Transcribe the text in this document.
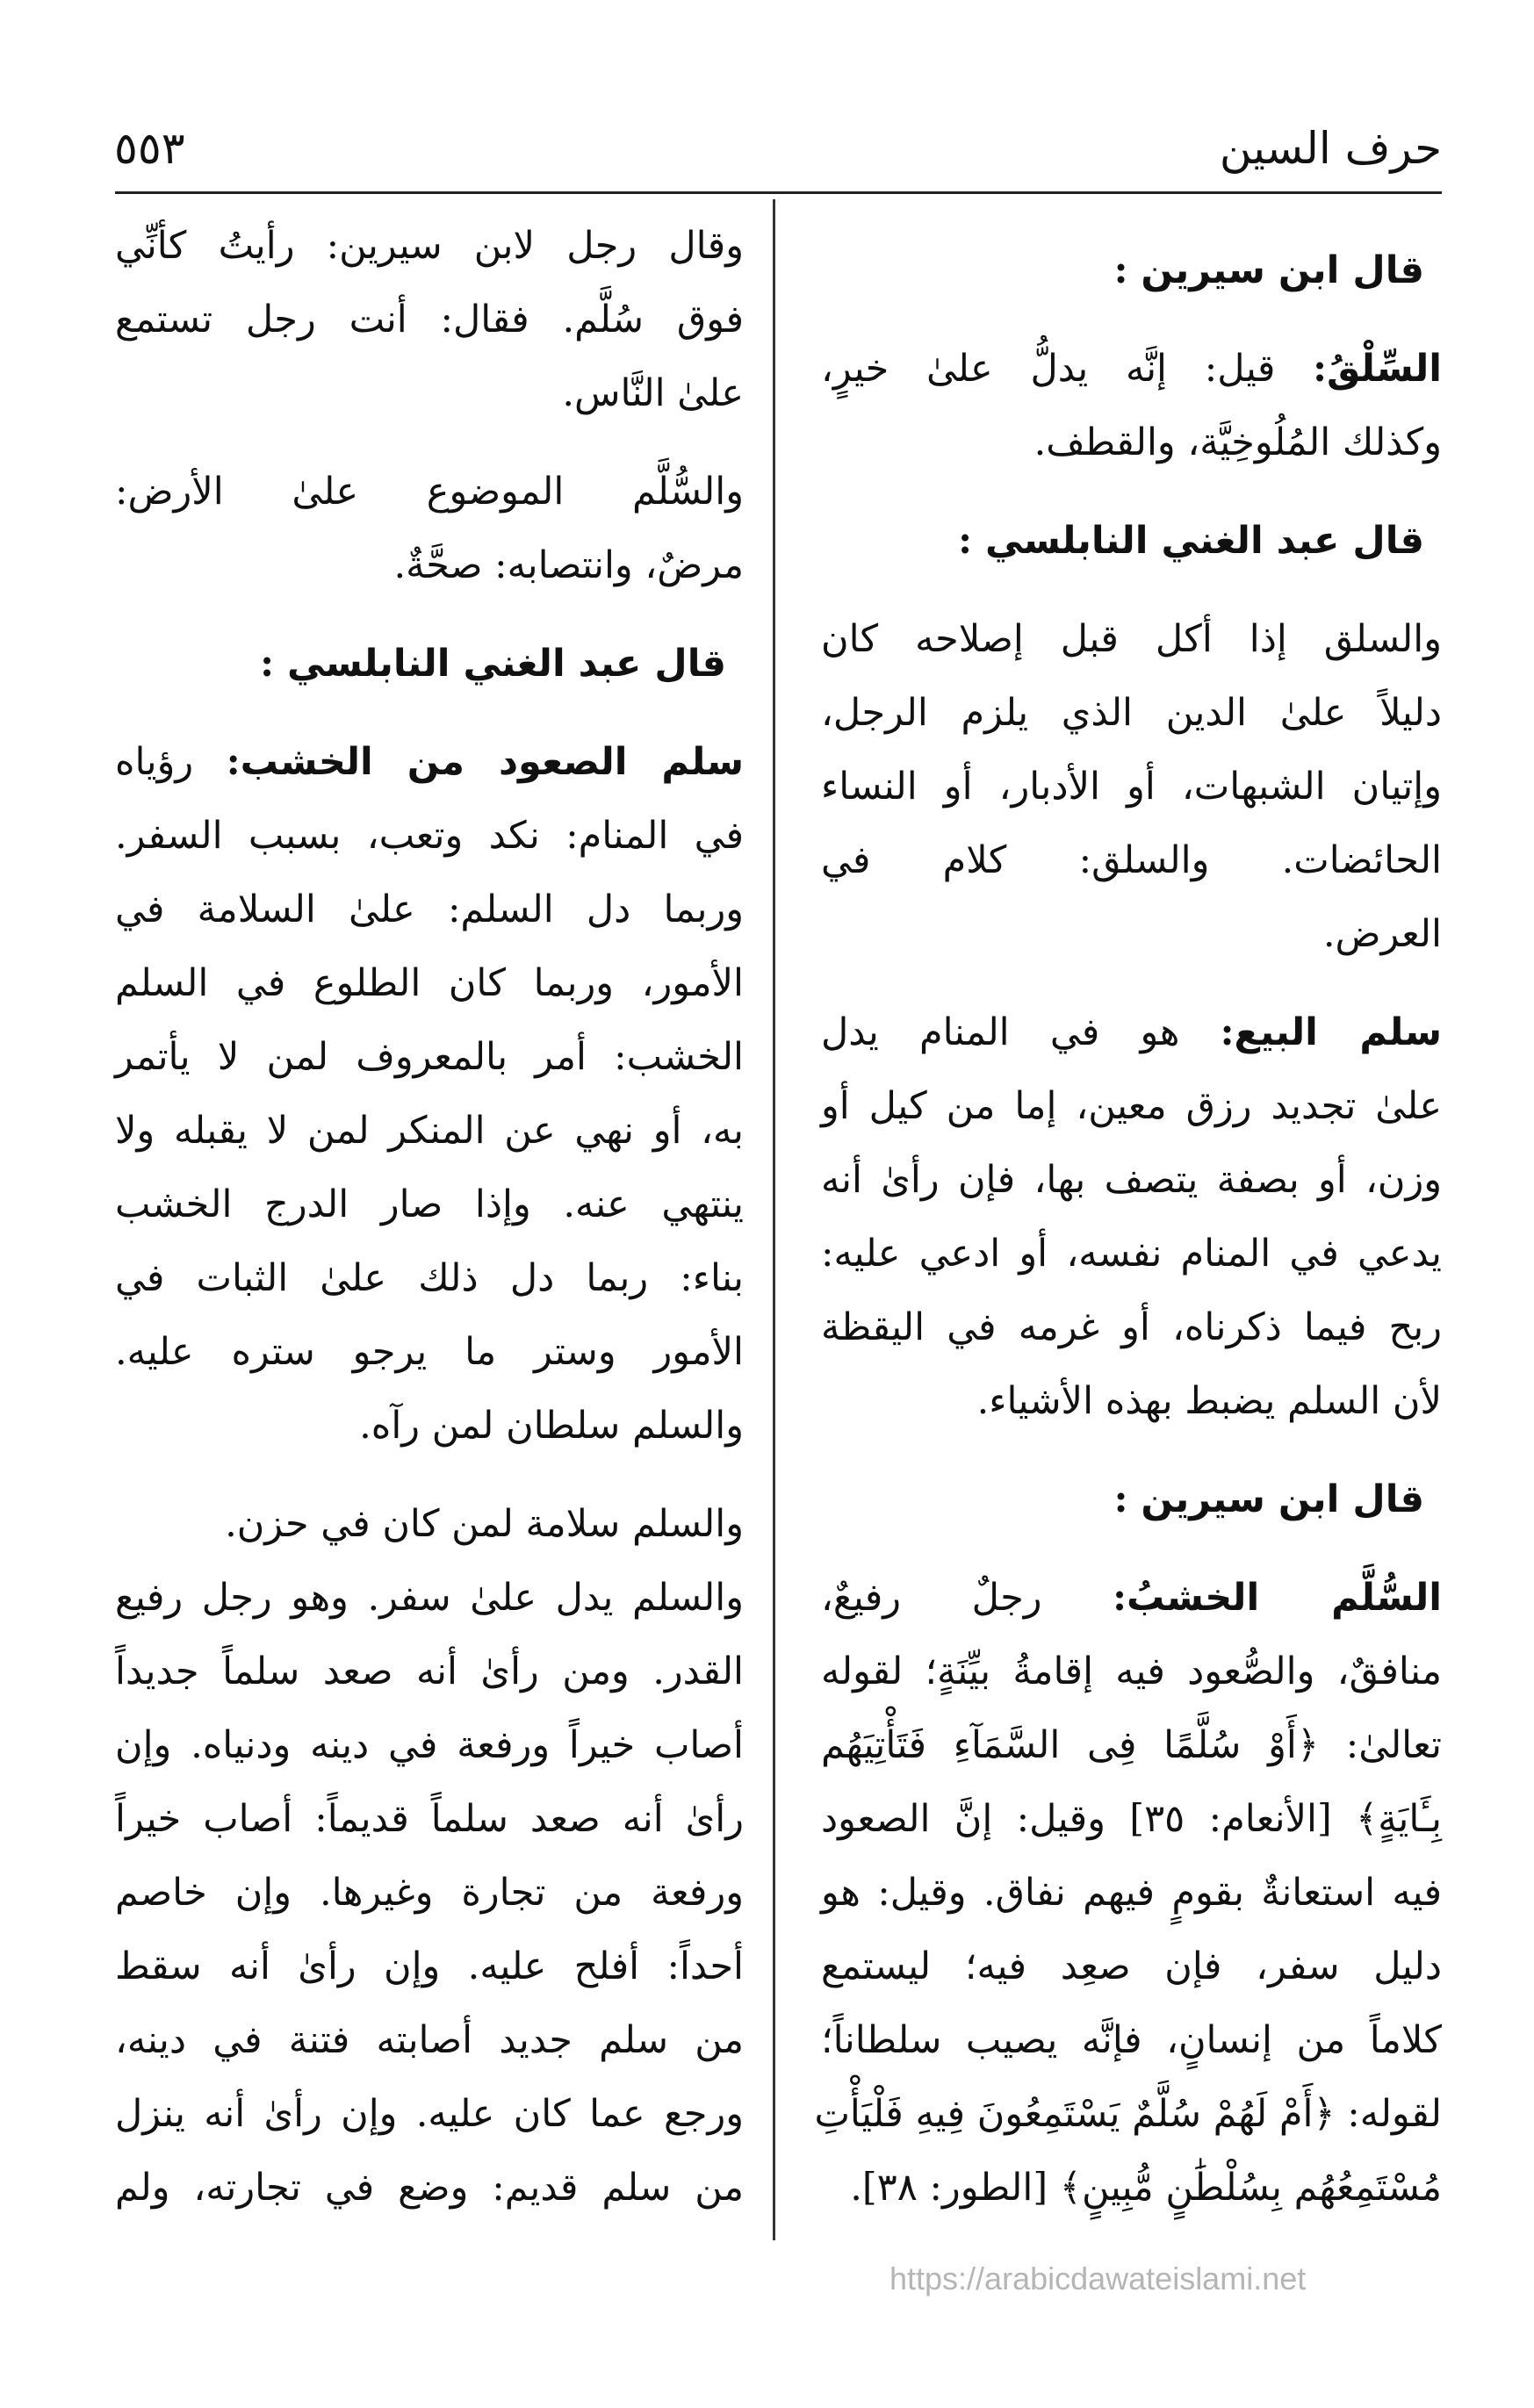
٥٥٣	حرف السين
قال ابن سيرين :
السِّلْقُ: قيل: إنَّه يدلُّ علىٰ خيرٍ،
وكذلك المُلُوخِيَّة، والقطف.
قال عبد الغني النابلسي :
والسلق إذا أكل قبل إصلاحه كان
دليلاً علىٰ الدين الذي يلزم الرجل،
وإتيان الشبهات، أو الأدبار، أو النساء
الحائضات. والسلق: كلام في
العرض.
سلم البيع: هو في المنام يدل
علىٰ تجديد رزق معين، إما من كيل أو
وزن، أو بصفة يتصف بها، فإن رأىٰ أنه
يدعي في المنام نفسه، أو ادعي عليه:
ربح فيما ذكرناه، أو غرمه في اليقظة
لأن السلم يضبط بهذه الأشياء.
قال ابن سيرين :
السُّلَّم الخشبُ: رجلٌ رفيعٌ،
منافقٌ، والصُّعود فيه إقامةُ بيِّنَةٍ؛ لقوله
تعالىٰ: ﴿أَوْ سُلَّمًا فِى السَّمَآءِ فَتَأْتِيَهُم
بِـَٔايَةٍ﴾ [الأنعام: ٣٥] وقيل: إنَّ الصعود
فيه استعانةٌ بقومٍ فيهم نفاق. وقيل: هو
دليل سفر، فإن صعِد فيه؛ ليستمع
كلاماً من إنسانٍ، فإنَّه يصيب سلطاناً؛
لقوله: ﴿أَمْ لَهُمْ سُلَّمٌ يَسْتَمِعُونَ فِيهِ فَلْيَأْتِ
مُسْتَمِعُهُم بِسُلْطَٰنٍ مُّبِينٍ﴾ [الطور: ٣٨].
وقال رجل لابن سيرين: رأيتُ كأنِّي
فوق سُلَّم. فقال: أنت رجل تستمع
علىٰ النَّاس.
والسُّلَّم الموضوع علىٰ الأرض:
مرضٌ، وانتصابه: صحَّةٌ.
قال عبد الغني النابلسي :
سلم الصعود من الخشب: رؤياه
في المنام: نكد وتعب، بسبب السفر.
وربما دل السلم: علىٰ السلامة في
الأمور، وربما كان الطلوع في السلم
الخشب: أمر بالمعروف لمن لا يأتمر
به، أو نهي عن المنكر لمن لا يقبله ولا
ينتهي عنه. وإذا صار الدرج الخشب
بناء: ربما دل ذلك علىٰ الثبات في
الأمور وستر ما يرجو ستره عليه.
والسلم سلطان لمن رآه.
والسلم سلامة لمن كان في حزن.
والسلم يدل علىٰ سفر. وهو رجل رفيع
القدر. ومن رأىٰ أنه صعد سلماً جديداً
أصاب خيراً ورفعة في دينه ودنياه. وإن
رأىٰ أنه صعد سلماً قديماً: أصاب خيراً
ورفعة من تجارة وغيرها. وإن خاصم
أحداً: أفلح عليه. وإن رأىٰ أنه سقط
من سلم جديد أصابته فتنة في دينه،
ورجع عما كان عليه. وإن رأىٰ أنه ينزل
من سلم قديم: وضع في تجارته، ولم
https://arabicdawateislami.net
